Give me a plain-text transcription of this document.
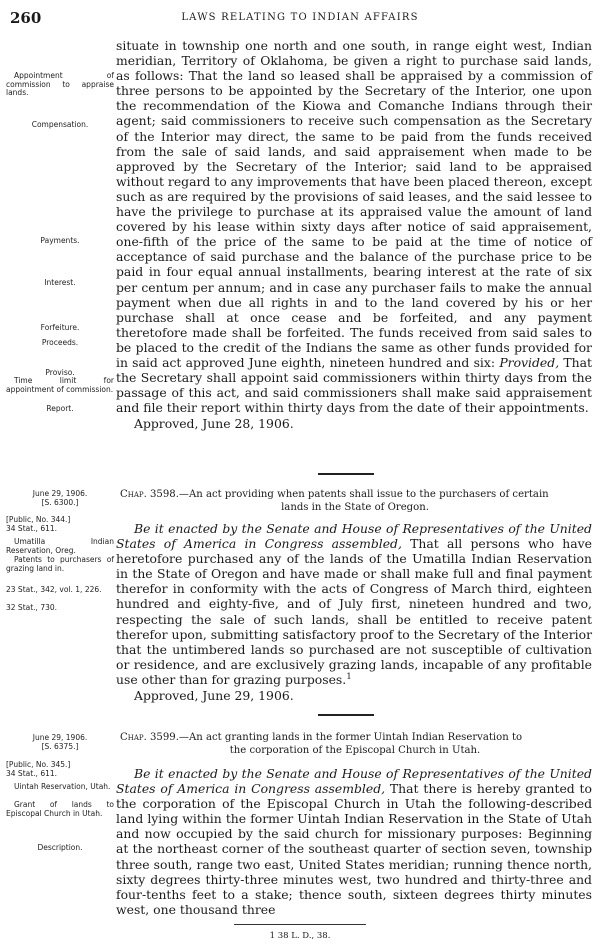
260	LAWS RELATING TO INDIAN AFFAIRS
Appointment of commission to appraise lands.
Compensation.
Payments.
Interest.
Forfeiture.
Proceeds.
Proviso.
Time limit for appointment of commission.
Report.

situate in township one north and one south, in range eight west, Indian meridian, Territory of Oklahoma, be given a right to purchase said lands, as follows: That the land so leased shall be appraised by a commission of three persons to be appointed by the Secretary of the Interior, one upon the recommendation of the Kiowa and Comanche Indians through their agent; said commissioners to receive such compensation as the Secretary of the Interior may direct, the same to be paid from the funds received from the sale of said lands, and said appraisement when made to be approved by the Secretary of the Interior; said land to be appraised without regard to any improvements that have been placed thereon, except such as are required by the provisions of said leases, and the said lessee to have the privilege to purchase at its appraised value the amount of land covered by his lease within sixty days after notice of said appraisement, one-fifth of the price of the same to be paid at the time of notice of acceptance of said purchase and the balance of the purchase price to be paid in four equal annual installments, bearing interest at the rate of six per centum per annum; and in case any purchaser fails to make the annual payment when due all rights in and to the land covered by his or her purchase shall at once cease and be forfeited, and any payment theretofore made shall be forfeited. The funds received from said sales to be placed to the credit of the Indians the same as other funds provided for in said act approved June eighth, nineteen hundred and six: Provided, That the Secretary shall appoint said commissioners within thirty days from the passage of this act, and said commissioners shall make said appraisement and file their report within thirty days from the date of their appointments.

Approved, June 28, 1906.

June 29, 1906.
[S. 6300.]
[Public, No. 344.]
34 Stat., 611.
Umatilla Indian Reservation, Oreg.
Patents to purchasers of grazing land in.
23 Stat., 342, vol. 1, 226.
32 Stat., 730.
Chap. 3598.—An act providing when patents shall issue to the purchasers of certain
lands in the State of Oregon.

Be it enacted by the Senate and House of Representatives of the United States of America in Congress assembled, That all persons who have heretofore purchased any of the lands of the Umatilla Indian Reservation in the State of Oregon and have made or shall make full and final payment therefor in conformity with the acts of Congress of March third, eighteen hundred and eighty-five, and of July first, nineteen hundred and two, respecting the sale of such lands, shall be entitled to receive patent therefor upon, submitting satisfactory proof to the Secretary of the Interior that the untimbered lands so purchased are not susceptible of cultivation or residence, and are exclusively grazing lands, incapable of any profitable use other than for grazing purposes.$^1$

Approved, June 29, 1906.

June 29, 1906.
[S. 6375.]
[Public, No. 345.]
34 Stat., 611.
Uintah Reservation, Utah.
Grant of lands to Episcopal Church in Utah.
Description.
Chap. 3599.—An act granting lands in the former Uintah Indian Reservation to
the corporation of the Episcopal Church in Utah.

Be it enacted by the Senate and House of Representatives of the United States of America in Congress assembled, That there is hereby granted to the corporation of the Episcopal Church in Utah the following-described land lying within the former Uintah Indian Reservation in the State of Utah and now occupied by the said church for missionary purposes: Beginning at the northeast corner of the southeast quarter of section seven, township three south, range two east, United States meridian; running thence north, sixty degrees thirty-three minutes west, two hundred and thirty-three and four-tenths feet to a stake; thence south, sixteen degrees thirty minutes west, one thousand three

1 38 L. D., 38.
